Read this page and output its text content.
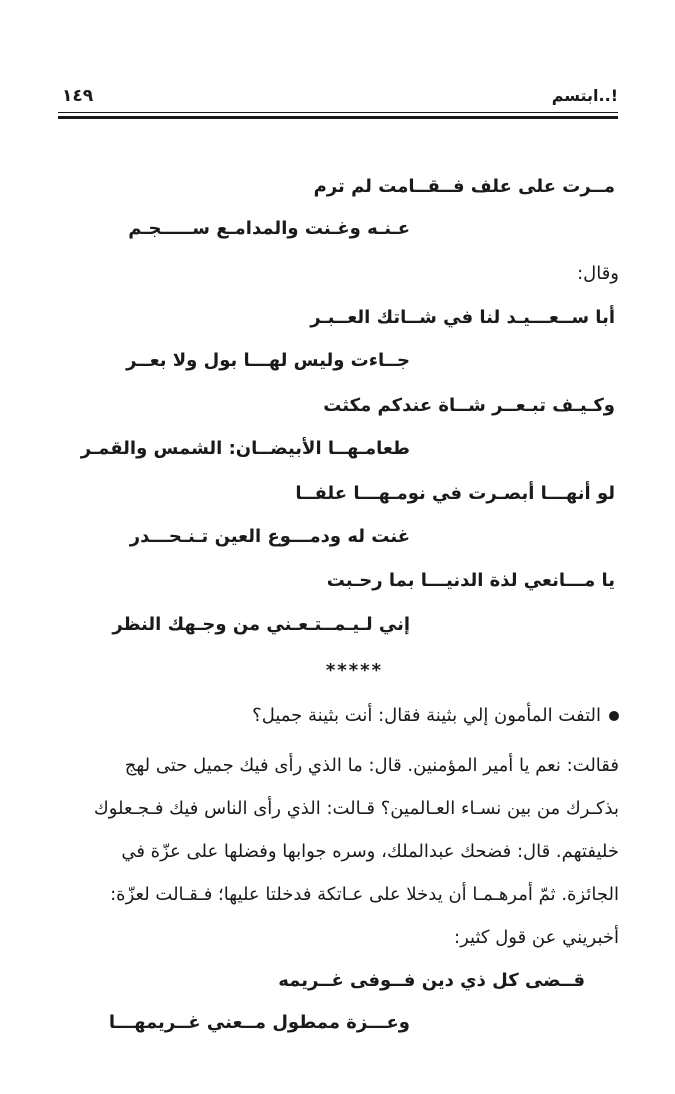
١٤٩	ابتسم..!
مــرت على علف فــقــامت لم ترم
عـنـه وغـنت والمدامـع ســـــجـم
وقال:
أبا ســعـــيـد لنا في شــاتك العــبـر
جــاءت وليس لهـــا بول ولا بعــر
وكـيـف تبـعــر شــاة عندكم مكثت
طعامـهــا الأبيضــان: الشمس والقمـر
لو أنهـــا أبصـرت في نومـهـــا علفــا
غنت له ودمـــوع العين تـنـحـــدر
يا مـــانعي لذة الدنيـــا بما رحـبت
إني لـيـمــتـعـني من وجـهك النظر
*****
التفت المأمون إلي بثينة فقال: أنت بثينة جميل؟
فقالت: نعم يا أمير المؤمنين. قال: ما الذي رأى فيك جميل حتى لهج
بذكـرك من بين نسـاء العـالمين؟ قـالت: الذي رأى الناس فيك فـجـعلوك
خليفتهم. قال: فضحك عبدالملك، وسره جوابها وفضلها على عزّة في
الجائزة. ثمّ أمرهـمـا أن يدخلا على عـاتكة فدخلتا عليها؛ فـقـالت لعزّة:
أخبريني عن قول كثير:
قــضى كل ذي دين فــوفى غــريمه
وعـــزة ممطول مــعني غــريمهـــا
